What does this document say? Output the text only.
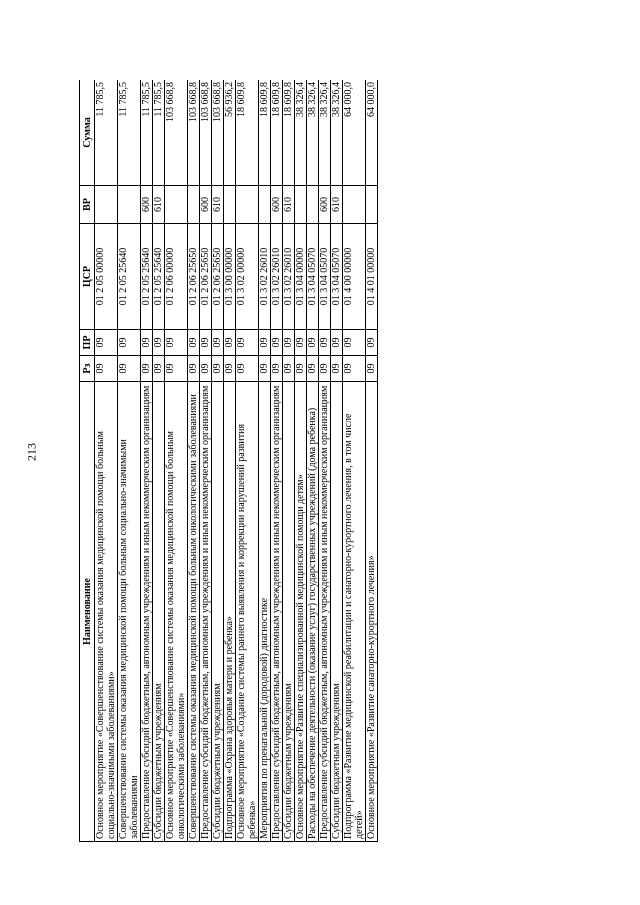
213
Наименование	Рз	ПР	ЦСР	ВР	Сумма
Основное мероприятие «Совершенствование системы оказания медицинской помощи больным социально-значимыми заболеваниями»	09	09	01 2 05 00000		11 785,5
Совершенствование системы оказания медицинской помощи больным социально-значимыми заболеваниями	09	09	01 2 05 25640		11 785,5
Предоставление субсидий бюджетным, автономным учреждениям и иным некоммерческим организациям	09	09	01 2 05 25640	600	11 785,5
Субсидии бюджетным учреждениям	09	09	01 2 05 25640	610	11 785,5
Основное мероприятие «Совершенствование системы оказания медицинской помощи больным онкологическими заболеваниями»	09	09	01 2 06 00000		103 668,8
Совершенствование системы оказания медицинской помощи больным онкологическими заболеваниями	09	09	01 2 06 25650		103 668,8
Предоставление субсидий бюджетным, автономным учреждениям и иным некоммерческим организациям	09	09	01 2 06 25650	600	103 668,8
Субсидии бюджетным учреждениям	09	09	01 2 06 25650	610	103 668,8
Подпрограмма «Охрана здоровья матери и ребенка»	09	09	01 3 00 00000		56 936,2
Основное мероприятие «Создание системы раннего выявления и коррекции нарушений развития ребенка»	09	09	01 3 02 00000		18 609,8
Мероприятия по пренатальной (дородовой) диагностике	09	09	01 3 02 26010		18 609,8
Предоставление субсидий бюджетным, автономным учреждениям и иным некоммерческим организациям	09	09	01 3 02 26010	600	18 609,8
Субсидии бюджетным учреждениям	09	09	01 3 02 26010	610	18 609,8
Основное мероприятие «Развитие специализированной медицинской помощи детям»	09	09	01 3 04 00000		38 326,4
Расходы на обеспечение деятельности (оказание услуг) государственных учреждений (дома ребенка)	09	09	01 3 04 05070		38 326,4
Предоставление субсидий бюджетным, автономным учреждениям и иным некоммерческим организациям	09	09	01 3 04 05070	600	38 326,4
Субсидии бюджетным учреждениям	09	09	01 3 04 05070	610	38 326,4
Подпрограмма «Развитие медицинской реабилитации и санаторно-курортного лечения, в том числе детей»	09	09	01 4 00 00000		64 000,0
Основное мероприятие «Развитие санаторно-курортного лечения»	09	09	01 4 01 00000		64 000,0
